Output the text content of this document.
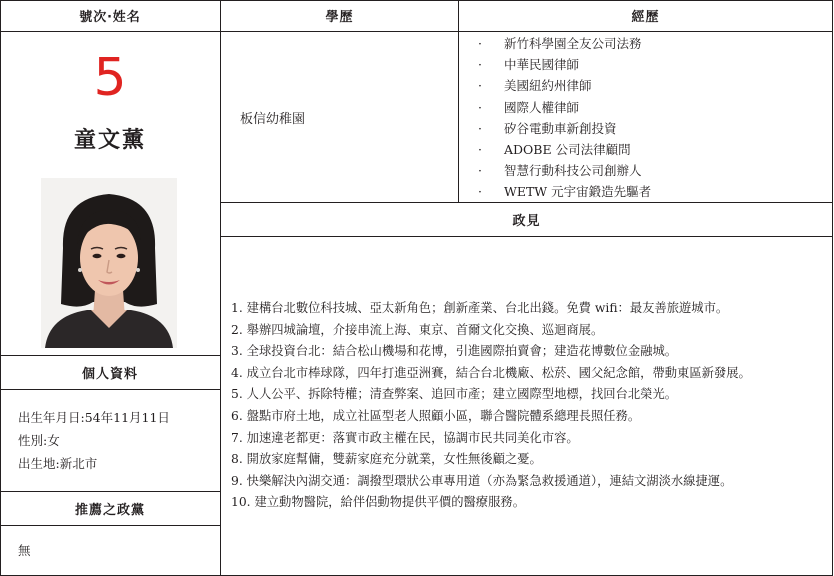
號次‧姓名	學歷	經歷
政見
個人資料
推薦之政黨
5
童文薰
出生年月日:54年11月11日
性別:女
出生地:新北市
無
板信幼稚園
· 新竹科學園全友公司法務
· 中華民國律師
· 美國紐約州律師
· 國際人權律師
· 矽谷電動車新創投資
· ADOBE 公司法律顧問
· 智慧行動科技公司創辦人
· WETW 元宇宙鍛造先驅者
1. 建構台北數位科技城、亞太新角色；創新產業、台北出錢。免費 wifi：最友善旅遊城市。
2. 舉辦四城論壇，介接串流上海、東京、首爾文化交換、巡迴商展。
3. 全球投資台北：結合松山機場和花博，引進國際拍賣會；建造花博數位金融城。
4. 成立台北市棒球隊，四年打進亞洲賽，結合台北機廠、松菸、國父紀念館，帶動東區新發展。
5. 人人公平、拆除特權；清查弊案、追回市產；建立國際型地標，找回台北榮光。
6. 盤點市府土地，成立社區型老人照顧小區，聯合醫院體系總理長照任務。
7. 加速違老都更：落實市政主權在民，協調市民共同美化市容。
8. 開放家庭幫傭，雙薪家庭充分就業，女性無後顧之憂。
9. 快樂解決內湖交通：調撥型環狀公車專用道（亦為緊急救援通道），連結文湖淡水線捷運。
10. 建立動物醫院，給伴侶動物提供平價的醫療服務。
